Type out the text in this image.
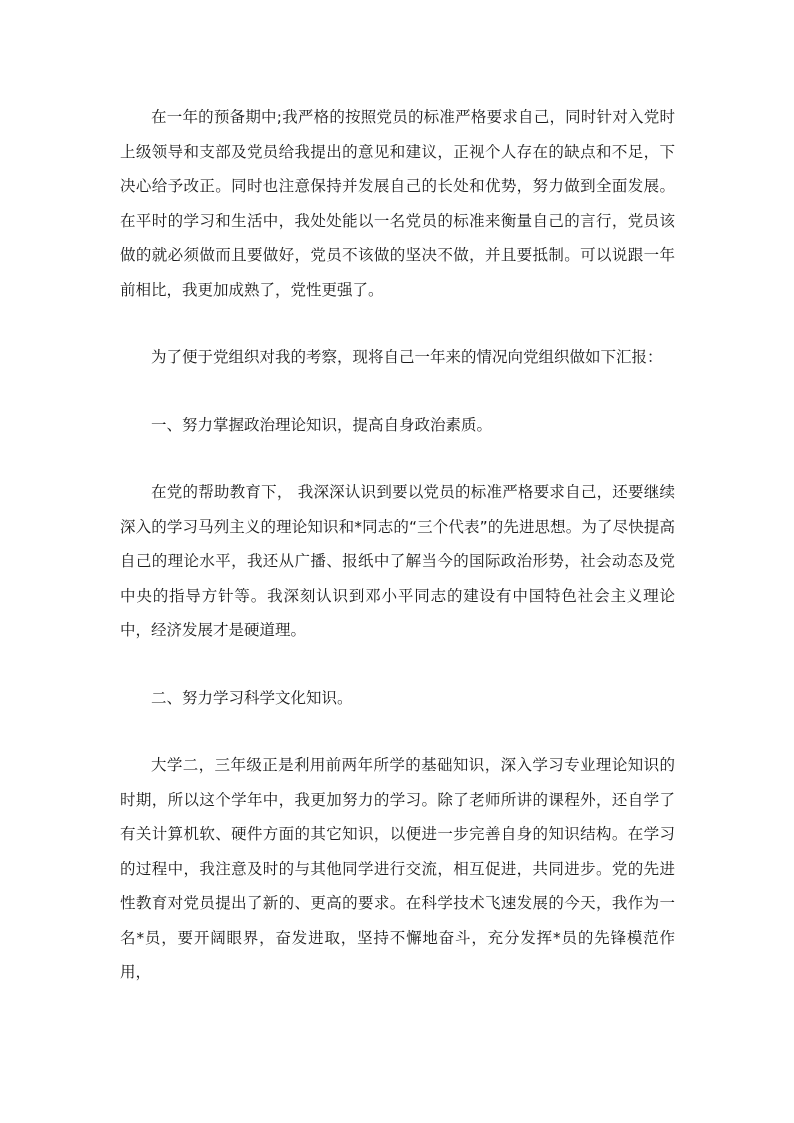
在一年的预备期中;我严格的按照党员的标准严格要求自己，同时针对入党时上级领导和支部及党员给我提出的意见和建议，正视个人存在的缺点和不足，下决心给予改正。同时也注意保持并发展自己的长处和优势，努力做到全面发展。在平时的学习和生活中，我处处能以一名党员的标准来衡量自己的言行，党员该做的就必须做而且要做好，党员不该做的坚决不做，并且要抵制。可以说跟一年前相比，我更加成熟了，党性更强了。

为了便于党组织对我的考察，现将自己一年来的情况向党组织做如下汇报：

一、努力掌握政治理论知识，提高自身政治素质。

在党的帮助教育下， 我深深认识到要以党员的标准严格要求自己，还要继续深入的学习马列主义的理论知识和*同志的“三个代表”的先进思想。为了尽快提高自己的理论水平，我还从广播、报纸中了解当今的国际政治形势，社会动态及党中央的指导方针等。我深刻认识到邓小平同志的建设有中国特色社会主义理论中，经济发展才是硬道理。

二、努力学习科学文化知识。

大学二，三年级正是利用前两年所学的基础知识，深入学习专业理论知识的时期，所以这个学年中，我更加努力的学习。除了老师所讲的课程外，还自学了有关计算机软、硬件方面的其它知识，以便进一步完善自身的知识结构。在学习的过程中，我注意及时的与其他同学进行交流，相互促进，共同进步。党的先进性教育对党员提出了新的、更高的要求。在科学技术飞速发展的今天，我作为一名*员，要开阔眼界，奋发进取，坚持不懈地奋斗，充分发挥*员的先锋模范作用，
